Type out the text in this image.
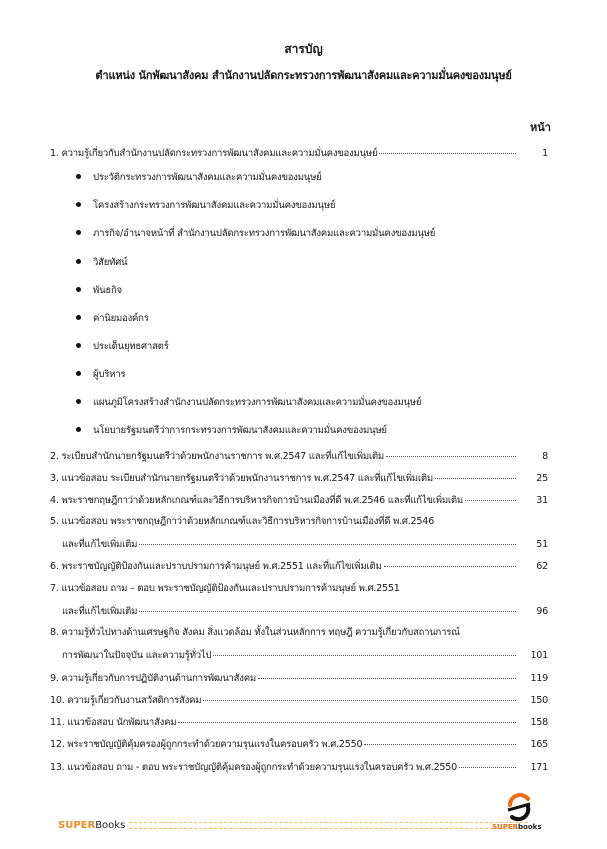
สารบัญ
ตำแหน่ง นักพัฒนาสังคม สำนักงานปลัดกระทรวงการพัฒนาสังคมและความมั่นคงของมนุษย์
หน้า
1. ความรู้เกี่ยวกับสำนักงานปลัดกระทรวงการพัฒนาสังคมและความมั่นคงของมนุษย์	1
ประวัติกระทรวงการพัฒนาสังคมและความมั่นคงของมนุษย์
โครงสร้างกระทรวงการพัฒนาสังคมและความมั่นคงของมนุษย์
ภารกิจ/อำนาจหน้าที่ สำนักงานปลัดกระทรวงการพัฒนาสังคมและความมั่นคงของมนุษย์
วิสัยทัศน์
พันธกิจ
ค่านิยมองค์กร
ประเด็นยุทธศาสตร์
ผู้บริหาร
แผนภูมิโครงสร้างสำนักงานปลัดกระทรวงการพัฒนาสังคมและความมั่นคงของมนุษย์
นโยบายรัฐมนตรีว่าการกระทรวงการพัฒนาสังคมและความมั่นคงของมนุษย์
2. ระเบียบสำนักนายกรัฐมนตรีว่าด้วยพนักงานราชการ พ.ศ.2547 และที่แก้ไขเพิ่มเติม	8
3. แนวข้อสอบ ระเบียบสำนักนายกรัฐมนตรีว่าด้วยพนักงานราชการ พ.ศ.2547 และที่แก้ไขเพิ่มเติม	25
4. พระราชกฤษฎีกาว่าด้วยหลักเกณฑ์และวิธีการบริหารกิจการบ้านเมืองที่ดี พ.ศ.2546 และที่แก้ไขเพิ่มเติม	31
5. แนวข้อสอบ พระราชกฤษฎีกาว่าด้วยหลักเกณฑ์และวิธีการบริหารกิจการบ้านเมืองที่ดี พ.ศ.2546
และที่แก้ไขเพิ่มเติม	51
6. พระราชบัญญัติป้องกันและปราบปรามการค้ามนุษย์ พ.ศ.2551 และที่แก้ไขเพิ่มเติม	62
7. แนวข้อสอบ ถาม – ตอบ พระราชบัญญัติป้องกันและปราบปรามการค้ามนุษย์ พ.ศ.2551
และที่แก้ไขเพิ่มเติม	96
8. ความรู้ทั่วไปทางด้านเศรษฐกิจ สังคม สิ่งแวดล้อม ทั้งในส่วนหลักการ ทฤษฎี ความรู้เกี่ยวกับสถานการณ์
การพัฒนาในปัจจุบัน และความรู้ทั่วไป	101
9. ความรู้เกี่ยวกับการปฏิบัติงานด้านการพัฒนาสังคม	119
10. ความรู้เกี่ยวกับงานสวัสดิการสังคม	150
11. แนวข้อสอบ นักพัฒนาสังคม	158
12. พระราชบัญญัติคุ้มครองผู้ถูกกระทำด้วยความรุนแรงในครอบครัว พ.ศ.2550	165
13. แนวข้อสอบ ถาม - ตอบ พระราชบัญญัติคุ้มครองผู้ถูกกระทำด้วยความรุนแรงในครอบครัว พ.ศ.2550	171
SUPER Books	SUPERbooks
